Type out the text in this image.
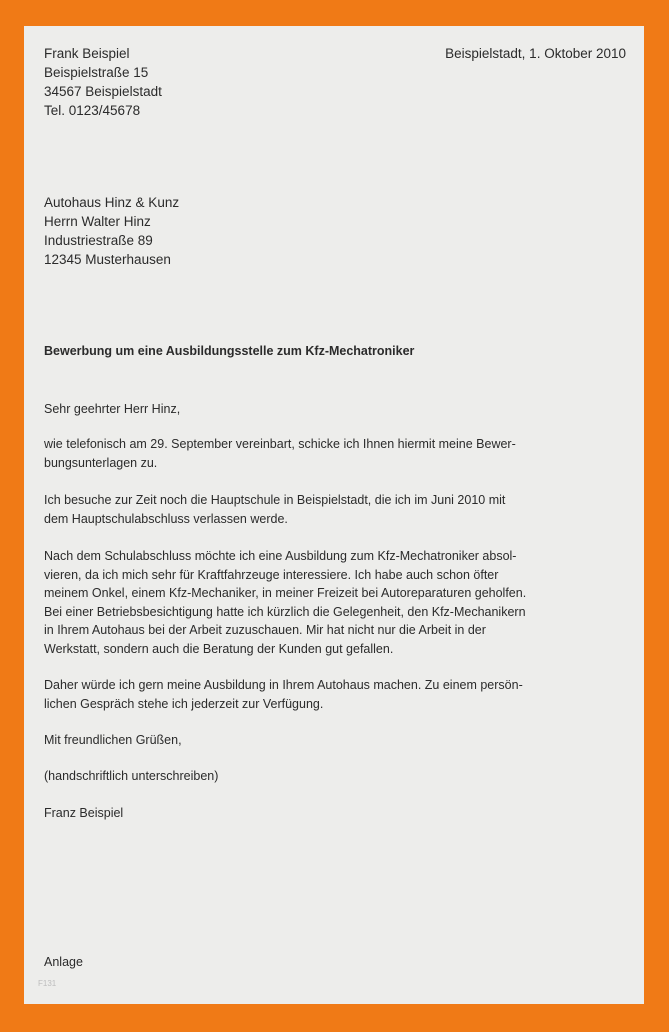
Frank Beispiel
Beispielstraße 15
34567 Beispielstadt
Tel. 0123/45678
Beispielstadt, 1. Oktober 2010
Autohaus Hinz & Kunz
Herrn Walter Hinz
Industriestraße 89
12345 Musterhausen
Bewerbung um eine Ausbildungsstelle zum Kfz-Mechatroniker
Sehr geehrter Herr Hinz,
wie telefonisch am 29. September vereinbart, schicke ich Ihnen hiermit meine Bewer-
bungsunterlagen zu.
Ich besuche zur Zeit noch die Hauptschule in Beispielstadt, die ich im Juni 2010 mit
dem Hauptschulabschluss verlassen werde.
Nach dem Schulabschluss möchte ich eine Ausbildung zum Kfz-Mechatroniker absol-
vieren, da ich mich sehr für Kraftfahrzeuge interessiere. Ich habe auch schon öfter
meinem Onkel, einem Kfz-Mechaniker, in meiner Freizeit bei Autoreparaturen geholfen.
Bei einer Betriebsbesichtigung hatte ich kürzlich die Gelegenheit, den Kfz-Mechanikern
in Ihrem Autohaus bei der Arbeit zuzuschauen. Mir hat nicht nur die Arbeit in der
Werkstatt, sondern auch die Beratung der Kunden gut gefallen.
Daher würde ich gern meine Ausbildung in Ihrem Autohaus machen. Zu einem persön-
lichen Gespräch stehe ich jederzeit zur Verfügung.
Mit freundlichen Grüßen,
(handschriftlich unterschreiben)
Franz Beispiel
Anlage
F131
